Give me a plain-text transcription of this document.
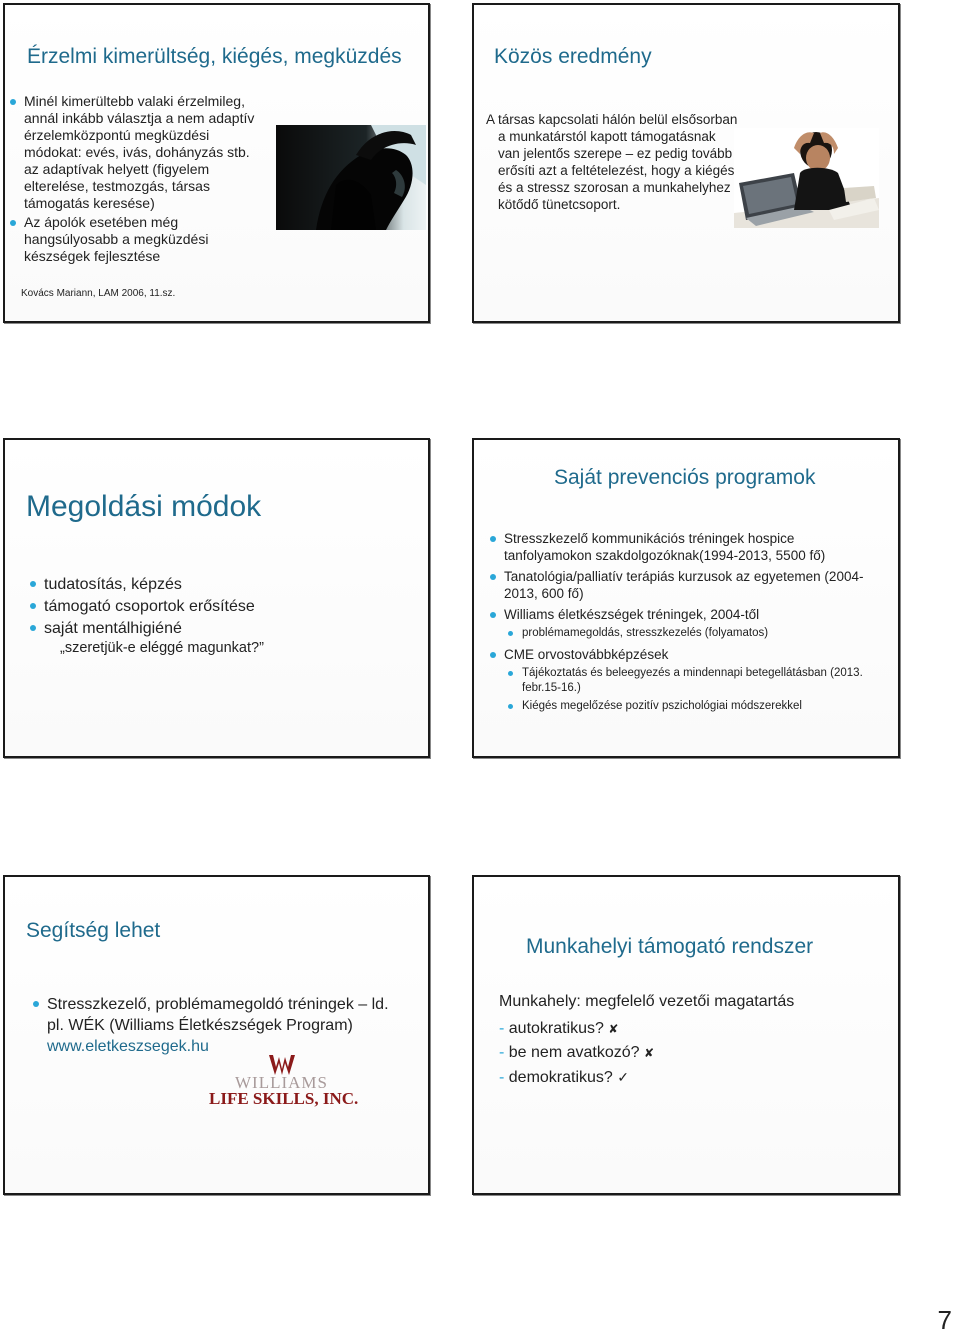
Érzelmi kimerültség, kiégés, megküzdés
Minél kimerültebb valaki érzelmileg, annál inkább választja a nem adaptív érzelemközpontú megküzdési módokat: evés, ivás, dohányzás stb. az adaptívak helyett (figyelem elterelése, testmozgás, társas támogatás keresése)
Az ápolók esetében még hangsúlyosabb a megküzdési készségek fejlesztése
Kovács Mariann, LAM 2006, 11.sz.
Közös eredmény
A társas kapcsolati hálón belül elsősorban a munkatárstól kapott támogatásnak van jelentős szerepe – ez pedig tovább erősíti azt a feltételezést, hogy a kiégés és a stressz szorosan a munkahelyhez kötődő tünetcsoport.
Megoldási módok
tudatosítás, képzés
támogató csoportok erősítése
saját mentálhigiéné
„szeretjük-e eléggé magunkat?”
Saját prevenciós programok
Stresszkezelő kommunikációs tréningek hospice tanfolyamokon szakdolgozóknak(1994-2013, 5500 fő)
Tanatológia/palliatív terápiás kurzusok az egyetemen (2004-2013, 600 fő)
Williams életkészségek tréningek, 2004-től
problémamegoldás, stresszkezelés (folyamatos)
CME orvostovábbképzések
Tájékoztatás és beleegyezés a mindennapi betegellátásban (2013. febr.15-16.)
Kiégés megelőzése pozitív pszichológiai módszerekkel
Segítség lehet
Stresszkezelő, problémamegoldó tréningek – ld. pl. WÉK (Williams Életkészségek Program)
www.eletkeszsegek.hu
WILLIAMS
LIFE SKILLS, INC.
Munkahelyi támogató rendszer
Munkahely: megfelelő vezetői magatartás
- autokratikus? ✘
- be nem avatkozó? ✘
- demokratikus? ✓
7
